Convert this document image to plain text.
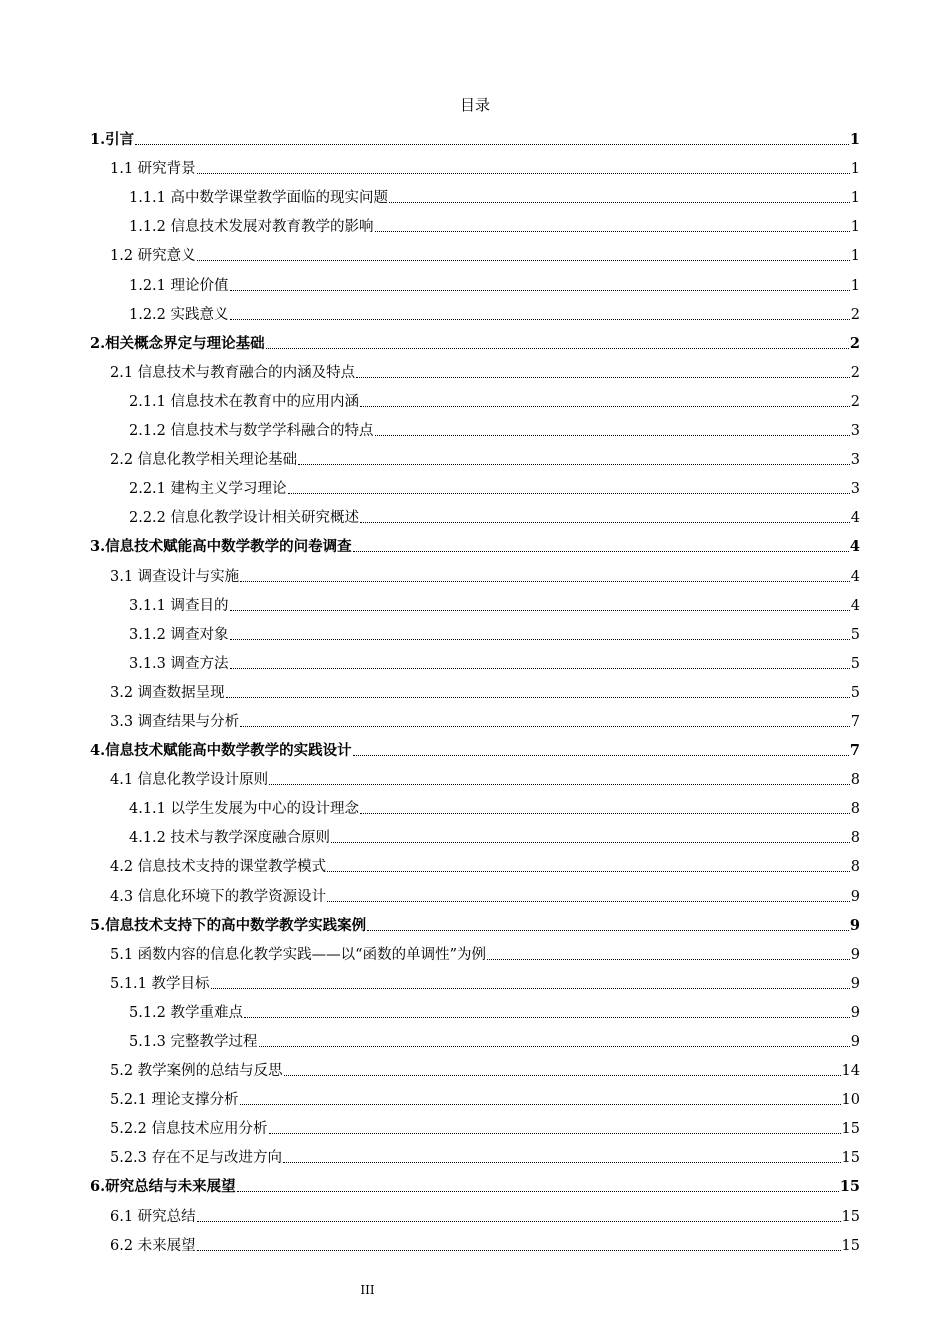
目录
1.引言	1
1.1 研究背景	1
1.1.1 高中数学课堂教学面临的现实问题	1
1.1.2 信息技术发展对教育教学的影响	1
1.2 研究意义	1
1.2.1 理论价值	1
1.2.2 实践意义	2
2.相关概念界定与理论基础	2
2.1 信息技术与教育融合的内涵及特点	2
2.1.1 信息技术在教育中的应用内涵	2
2.1.2 信息技术与数学学科融合的特点	3
2.2 信息化教学相关理论基础	3
2.2.1 建构主义学习理论	3
2.2.2 信息化教学设计相关研究概述	4
3.信息技术赋能高中数学教学的问卷调查	4
3.1 调查设计与实施	4
3.1.1 调查目的	4
3.1.2 调查对象	5
3.1.3 调查方法	5
3.2 调查数据呈现	5
3.3 调查结果与分析	7
4.信息技术赋能高中数学教学的实践设计	7
4.1 信息化教学设计原则	8
4.1.1 以学生发展为中心的设计理念	8
4.1.2 技术与教学深度融合原则	8
4.2 信息技术支持的课堂教学模式	8
4.3 信息化环境下的教学资源设计	9
5.信息技术支持下的高中数学教学实践案例	9
5.1 函数内容的信息化教学实践——以“函数的单调性”为例	9
5.1.1 教学目标	9
5.1.2 教学重难点	9
5.1.3 完整教学过程	9
5.2 教学案例的总结与反思	14
5.2.1 理论支撑分析	10
5.2.2 信息技术应用分析	15
5.2.3 存在不足与改进方向	15
6.研究总结与未来展望	15
6.1 研究总结	15
6.2 未来展望	15
III
